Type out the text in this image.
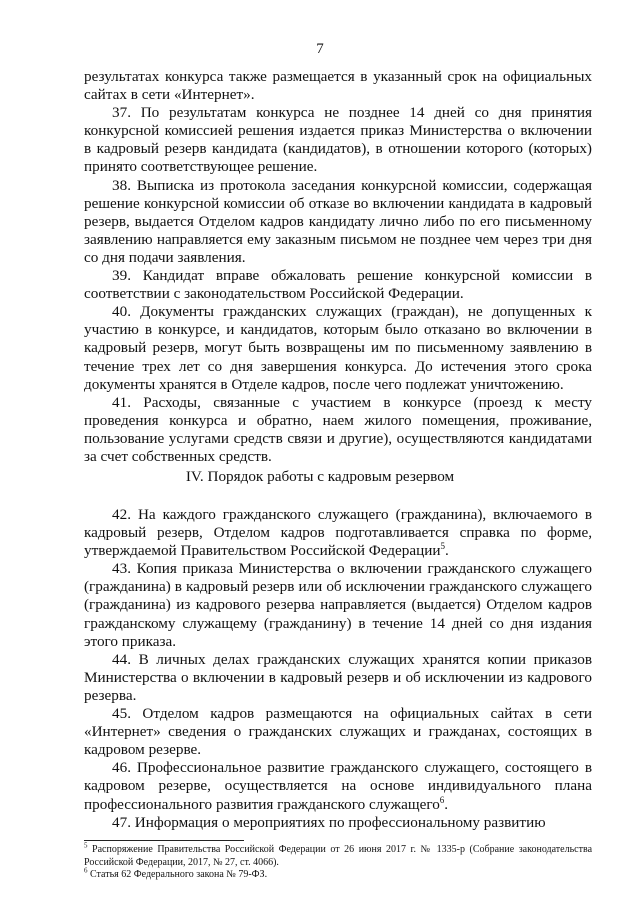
7

результатах конкурса также размещается в указанный срок на официальных сайтах в сети «Интернет».

37. По результатам конкурса не позднее 14 дней со дня принятия конкурсной комиссией решения издается приказ Министерства о включении в кадровый резерв кандидата (кандидатов), в отношении которого (которых) принято соответствующее решение.

38. Выписка из протокола заседания конкурсной комиссии, содержащая решение конкурсной комиссии об отказе во включении кандидата в кадровый резерв, выдается Отделом кадров кандидату лично либо по его письменному заявлению направляется ему заказным письмом не позднее чем через три дня со дня подачи заявления.

39. Кандидат вправе обжаловать решение конкурсной комиссии в соответствии с законодательством Российской Федерации.

40. Документы гражданских служащих (граждан), не допущенных к участию в конкурсе, и кандидатов, которым было отказано во включении в кадровый резерв, могут быть возвращены им по письменному заявлению в течение трех лет со дня завершения конкурса. До истечения этого срока документы хранятся в Отделе кадров, после чего подлежат уничтожению.

41. Расходы, связанные с участием в конкурсе (проезд к месту проведения конкурса и обратно, наем жилого помещения, проживание, пользование услугами средств связи и другие), осуществляются кандидатами за счет собственных средств.

IV. Порядок работы с кадровым резервом

42. На каждого гражданского служащего (гражданина), включаемого в кадровый резерв, Отделом кадров подготавливается справка по форме, утверждаемой Правительством Российской Федерации$^5$.

43. Копия приказа Министерства о включении гражданского служащего (гражданина) в кадровый резерв или об исключении гражданского служащего (гражданина) из кадрового резерва направляется (выдается) Отделом кадров гражданскому служащему (гражданину) в течение 14 дней со дня издания этого приказа.

44. В личных делах гражданских служащих хранятся копии приказов Министерства о включении в кадровый резерв и об исключении из кадрового резерва.

45. Отделом кадров размещаются на официальных сайтах в сети «Интернет» сведения о гражданских служащих и гражданах, состоящих в кадровом резерве.

46. Профессиональное развитие гражданского служащего, состоящего в кадровом резерве, осуществляется на основе индивидуального плана профессионального развития гражданского служащего$^6$.

47. Информация о мероприятиях по профессиональному развитию

$^5$ Распоряжение Правительства Российской Федерации от 26 июня 2017 г. № 1335-р (Собрание законодательства Российской Федерации, 2017, № 27, ст. 4066).

$^6$ Статья 62 Федерального закона № 79-ФЗ.
